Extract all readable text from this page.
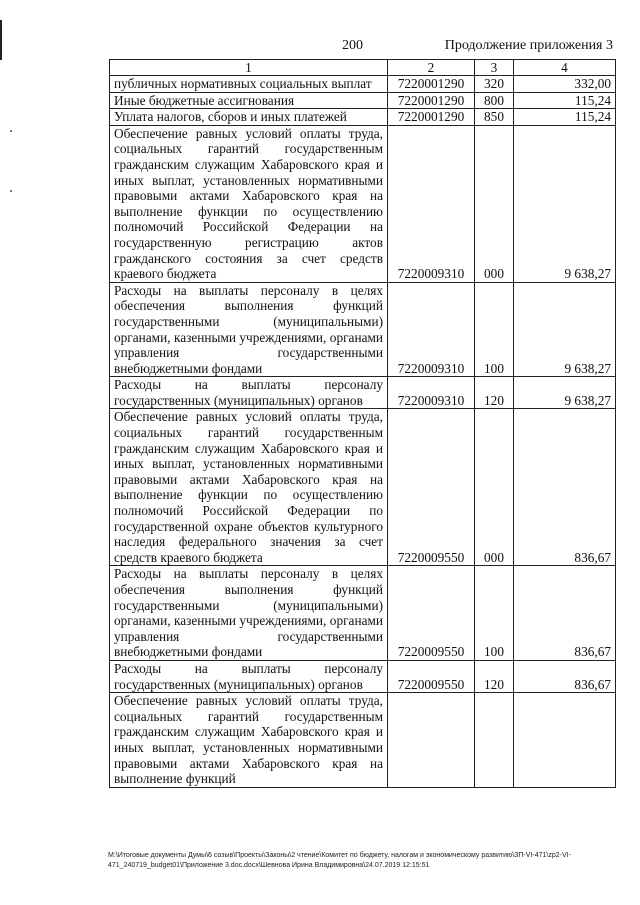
200	Продолжение приложения 3
1	2	3	4
публичных нормативных социальных выплат	7220001290	320	332,00
Иные бюджетные ассигнования	7220001290	800	115,24
Уплата налогов, сборов и иных платежей	7220001290	850	115,24
Обеспечение равных условий оплаты труда, социальных гарантий государственным гражданским служащим Хабаровского края и иных выплат, установленных нормативными правовыми актами Хабаровского края на выполнение функции по осуществлению полномочий Российской Федерации на государственную регистрацию актов гражданского состояния за счет средств краевого бюджета	7220009310	000	9 638,27
Расходы на выплаты персоналу в целях обеспечения выполнения функций государственными (муниципальными) органами, казенными учреждениями, органами управления государственными внебюджетными фондами	7220009310	100	9 638,27
Расходы на выплаты персоналу государственных (муниципальных) органов	7220009310	120	9 638,27
Обеспечение равных условий оплаты труда, социальных гарантий государственным гражданским служащим Хабаровского края и иных выплат, установленных нормативными правовыми актами Хабаровского края на выполнение функции по осуществлению полномочий Российской Федерации по государственной охране объектов культурного наследия федерального значения за счет средств краевого бюджета	7220009550	000	836,67
Расходы на выплаты персоналу в целях обеспечения выполнения функций государственными (муниципальными) органами, казенными учреждениями, органами управления государственными внебюджетными фондами	7220009550	100	836,67
Расходы на выплаты персоналу государственных (муниципальных) органов	7220009550	120	836,67
Обеспечение равных условий оплаты труда, социальных гарантий государственным гражданским служащим Хабаровского края и иных выплат, установленных нормативными правовыми актами Хабаровского края на выполнение функций			
M:\Итоговые документы Думы\6 созыв\Проекты\Законы\2 чтение\Комитет по бюджету, налогам и экономическому развитию\ЗП-VI-471\zp2-VI-
471_240719_budget01\Приложение 3.doc.docx\Шевнова Ирина Владимировна\24.07.2019 12:15:51
